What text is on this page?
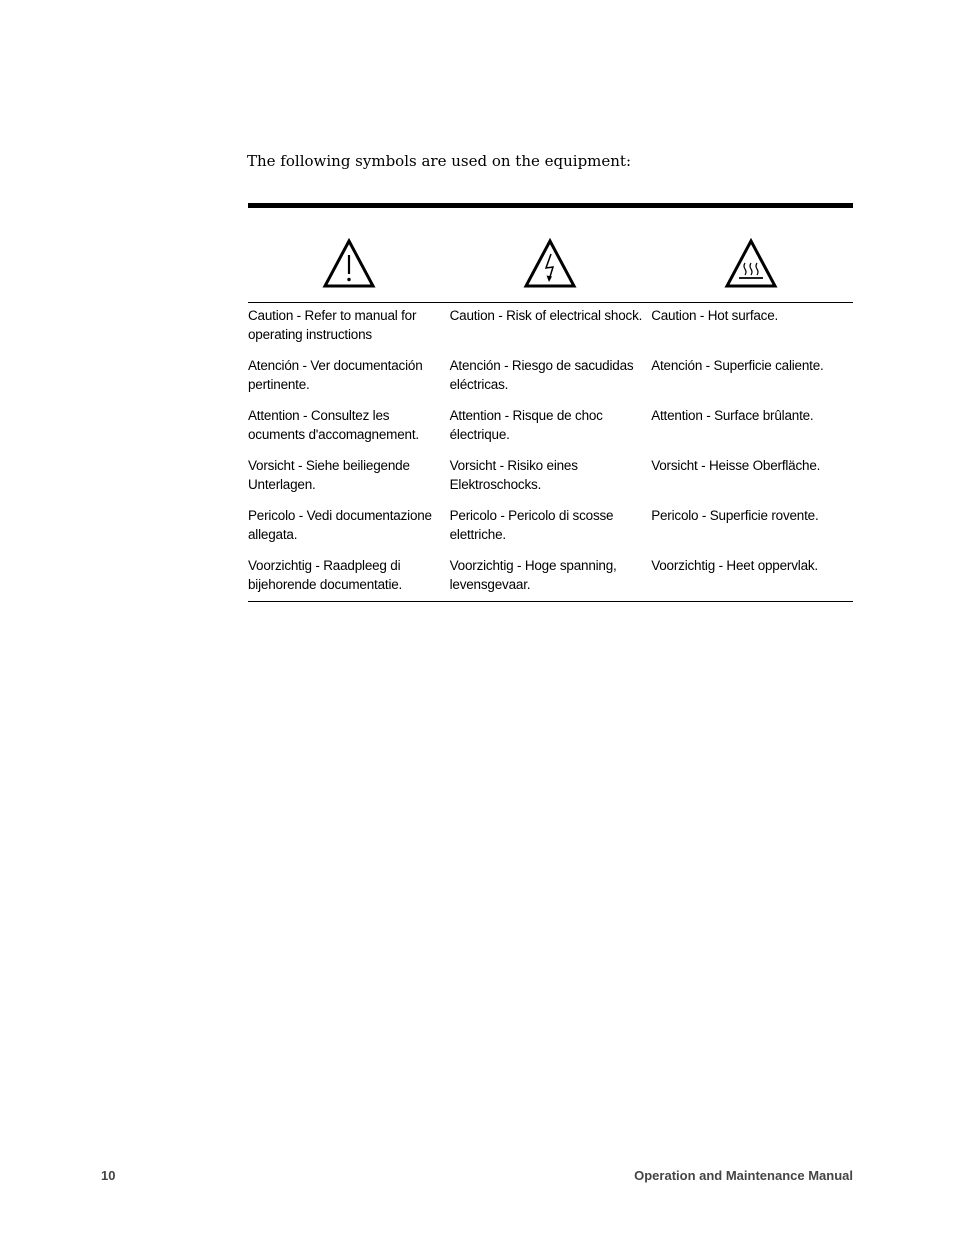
The following symbols are used on the equipment:
Caution - Refer to manual for operating instructions
Caution - Risk of electrical shock. Caution - Hot surface.
Atención - Ver documentación pertinente.
Atención - Riesgo de sacudidas eléctricas.
Atención - Superficie caliente.
Attention - Consultez les ocuments d'accomagnement.
Attention - Risque de choc électrique.
Attention - Surface brûlante.
Vorsicht - Siehe beiliegende Unterlagen.
Vorsicht - Risiko eines Elektroschocks.
Vorsicht - Heisse Oberfläche.
Pericolo - Vedi documentazione allegata.
Pericolo - Pericolo di scosse elettriche.
Pericolo - Superficie rovente.
Voorzichtig - Raadpleeg di bijehorende documentatie.
Voorzichtig - Hoge spanning, levensgevaar.
Voorzichtig - Heet oppervlak.
10	Operation and Maintenance Manual
